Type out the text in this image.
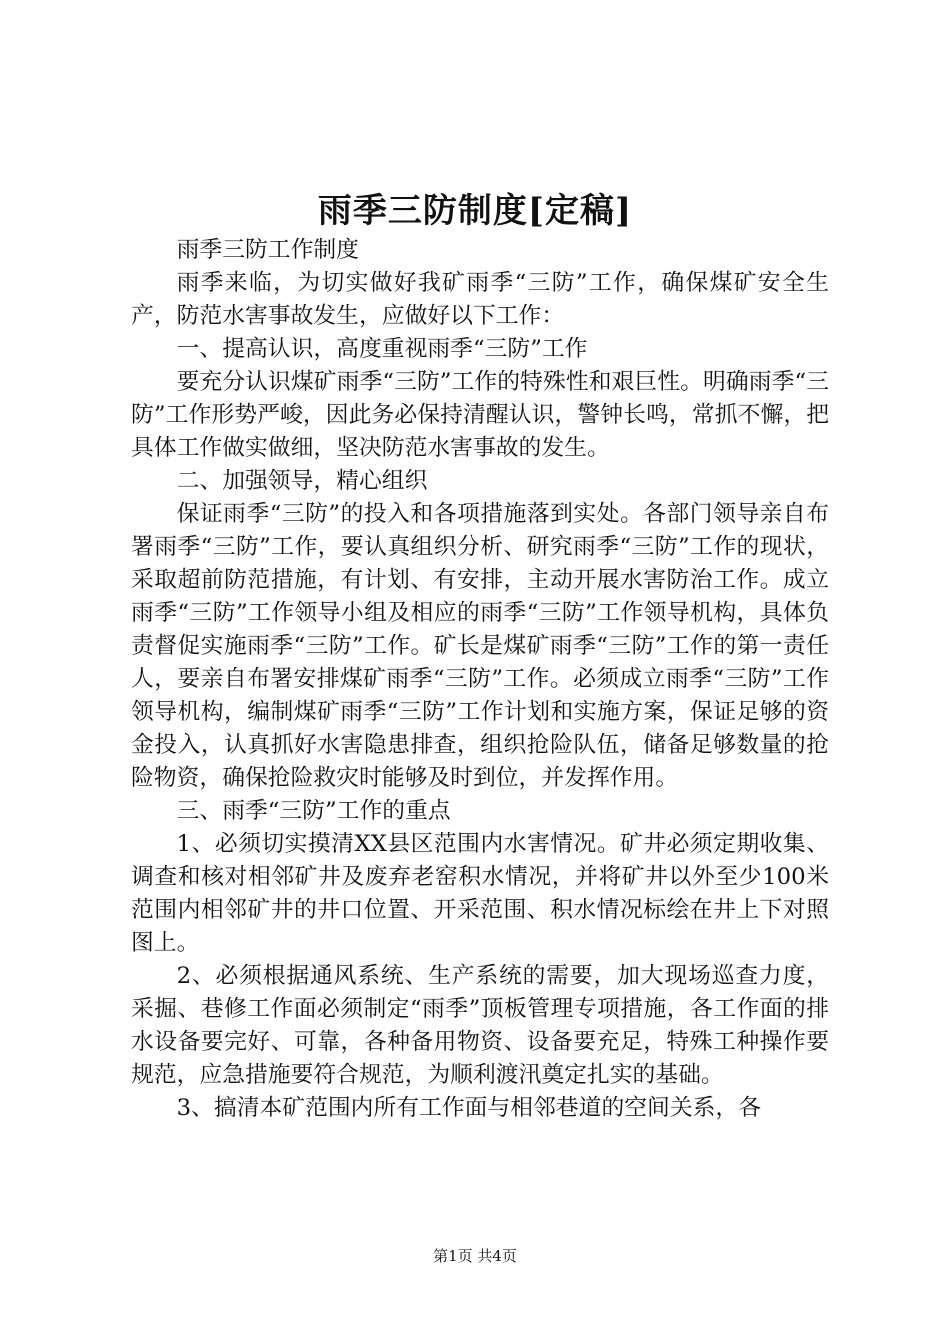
雨季三防制度[定稿]

雨季三防工作制度

雨季来临，为切实做好我矿雨季“三防”工作，确保煤矿安全生产，防范水害事故发生，应做好以下工作：

一、提高认识，高度重视雨季“三防”工作

要充分认识煤矿雨季“三防”工作的特殊性和艰巨性。明确雨季“三防”工作形势严峻，因此务必保持清醒认识，警钟长鸣，常抓不懈，把具体工作做实做细，坚决防范水害事故的发生。

二、加强领导，精心组织

保证雨季“三防”的投入和各项措施落到实处。各部门领导亲自布署雨季“三防”工作，要认真组织分析、研究雨季“三防”工作的现状，采取超前防范措施，有计划、有安排，主动开展水害防治工作。成立雨季“三防”工作领导小组及相应的雨季“三防”工作领导机构，具体负责督促实施雨季“三防”工作。矿长是煤矿雨季“三防”工作的第一责任人，要亲自布署安排煤矿雨季“三防”工作。必须成立雨季“三防”工作领导机构，编制煤矿雨季“三防”工作计划和实施方案，保证足够的资金投入，认真抓好水害隐患排查，组织抢险队伍，储备足够数量的抢险物资，确保抢险救灾时能够及时到位，并发挥作用。

三、雨季“三防”工作的重点

1、必须切实摸清XX县区范围内水害情况。矿井必须定期收集、调查和核对相邻矿井及废弃老窑积水情况，并将矿井以外至少100米范围内相邻矿井的井口位置、开采范围、积水情况标绘在井上下对照图上。

2、必须根据通风系统、生产系统的需要，加大现场巡查力度，采掘、巷修工作面必须制定“雨季”顶板管理专项措施，各工作面的排水设备要完好、可靠，各种备用物资、设备要充足，特殊工种操作要规范，应急措施要符合规范，为顺利渡汛奠定扎实的基础。

3、搞清本矿范围内所有工作面与相邻巷道的空间关系，各

第1页 共4页
